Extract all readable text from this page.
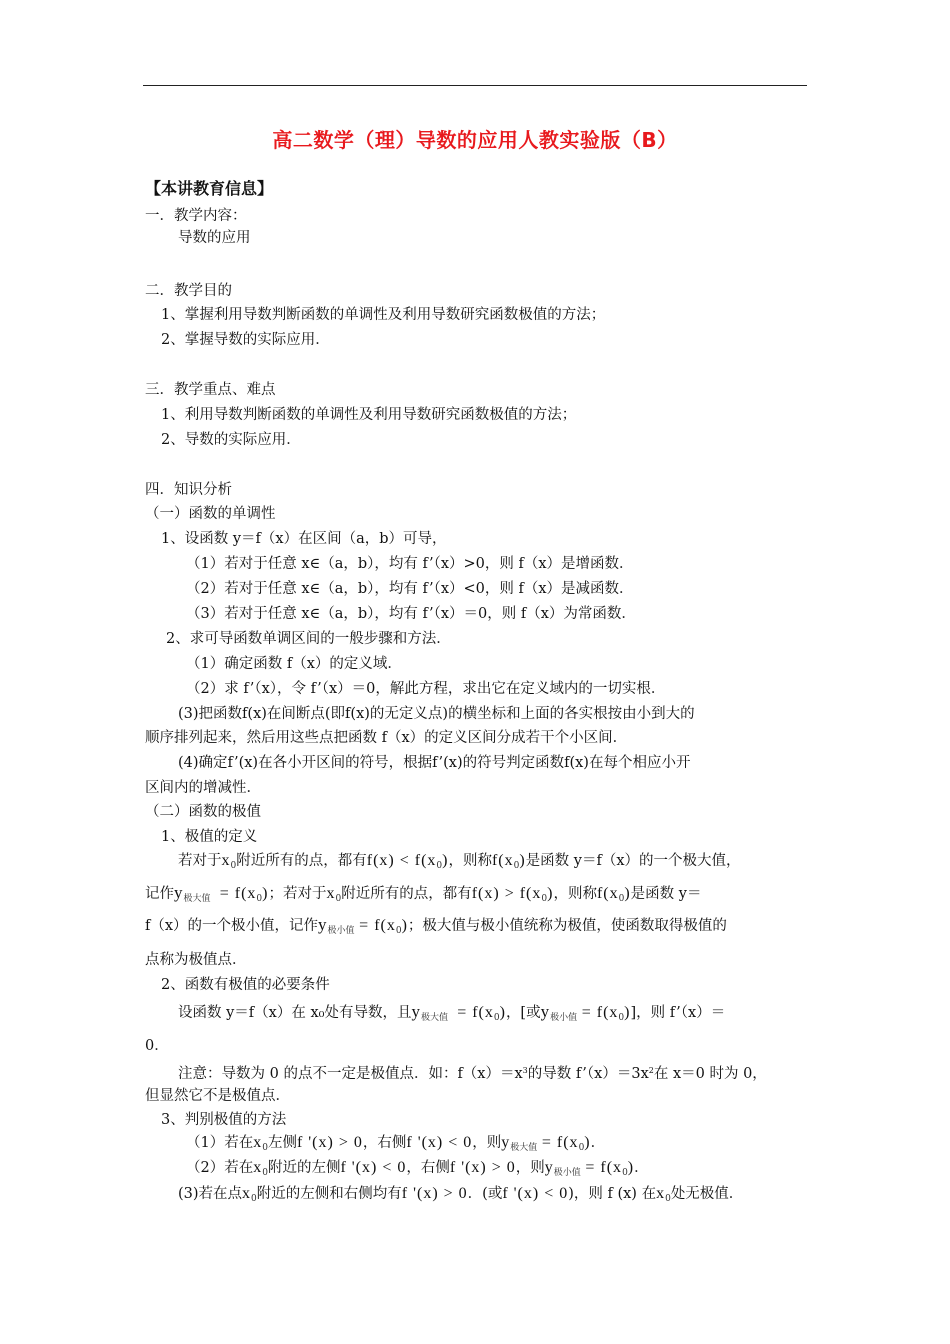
高二数学（理）导数的应用人教实验版（B）
【本讲教育信息】
一．教学内容：
导数的应用
二．教学目的
1、掌握利用导数判断函数的单调性及利用导数研究函数极值的方法；
2、掌握导数的实际应用．
三．教学重点、难点
1、利用导数判断函数的单调性及利用导数研究函数极值的方法；
2、导数的实际应用．
四．知识分析
（一）函数的单调性
1、设函数 y＝f（x）在区间（a，b）可导，
（1）若对于任意 x∈（a，b），均有 f’（x）>0，则 f（x）是增函数．
（2）若对于任意 x∈（a，b），均有 f’（x）<0，则 f（x）是减函数．
（3）若对于任意 x∈（a，b），均有 f’（x）＝0，则 f（x）为常函数．
2、求可导函数单调区间的一般步骤和方法．
（1）确定函数 f（x）的定义域．
（2）求 f’（x），令 f’（x）＝0，解此方程，求出它在定义域内的一切实根．
(3)把函数f(x)在间断点(即f(x)的无定义点)的横坐标和上面的各实根按由小到大的
顺序排列起来，然后用这些点把函数 f（x）的定义区间分成若干个小区间．
(4)确定f’(x)在各小开区间的符号，根据f’(x)的符号判定函数f(x)在每个相应小开
区间内的增减性．
（二）函数的极值
1、极值的定义
若对于$x_0$附近所有的点，都有$f(x) < f(x_0)$，则称$f(x_0)$是函数 y＝f（x）的一个极大值，
记作$y_{极大值} = f(x_0)$；若对于$x_0$附近所有的点，都有$f(x) > f(x_0)$，则称$f(x_0)$是函数 y＝
f（x）的一个极小值，记作$y_{极小值} = f(x_0)$；极大值与极小值统称为极值，使函数取得极值的
点称为极值点．
2、函数有极值的必要条件
设函数 y＝f（x）在 x₀处有导数，且$y_{极大值} = f(x_0)$，[或$y_{极小值} = f(x_0)$]，则 f’（x）＝
0．
注意：导数为 0 的点不一定是极值点．如：$f(x)=x^3$的导数 $f’(x)=3x^2$在 x＝0 时为 0，
但显然它不是极值点．
3、判别极值的方法
（1）若在$x_0$左侧f '(x) > 0，右侧f '(x) < 0，则$y_{极大值} = f(x_0)$．
（2）若在$x_0$附近的左侧f '(x) < 0，右侧f '(x) > 0，则$y_{极小值} = f(x_0)$．
(3)若在点$x_0$附近的左侧和右侧均有f '(x) > 0．(或f '(x) < 0)，则 f (x) 在$x_0$处无极值．
